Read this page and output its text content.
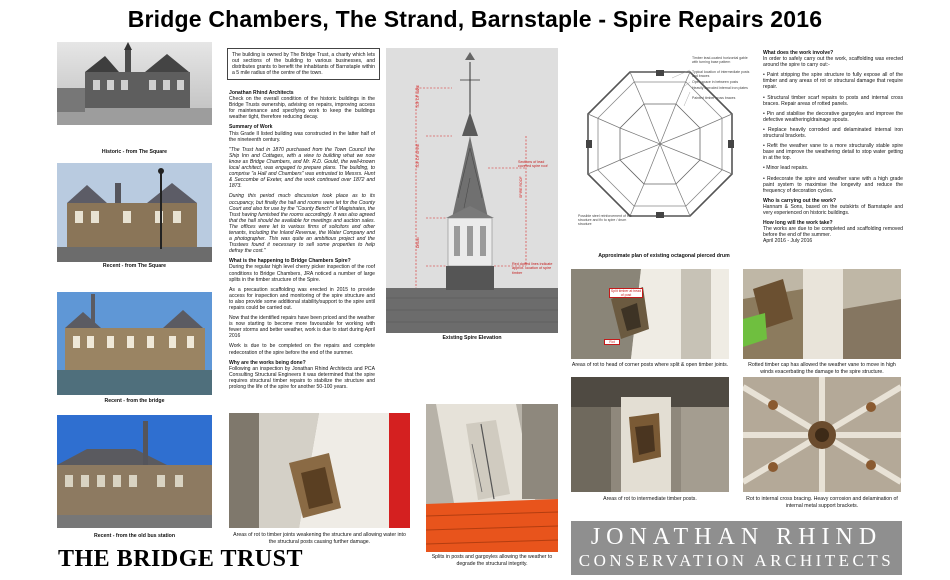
Bridge Chambers, The Strand, Barnstaple - Spire Repairs 2016
Historic - from The Square
Recent - from The Square
Recent - from the bridge
Recent - from the old bus station
THE BRIDGE TRUST
The building is owned by The Bridge Trust, a charity which lets out sections of the building to various businesses, and distributes grants to benefit the inhabitants of Barnstaple within a 5 mile radius of the centre of the town.
Jonathan Rhind Architects

Check on the overall condition of the historic buildings in the Bridge Trusts ownership, advising on repairs, improving access for maintenance and specifying work to keep the buildings weather tight, therefore reducing decay.

Summary of Work

This Grade II listed building was constructed in the latter half of the nineteenth century.

"The Trust had in 1870 purchased from the Town Council the Ship Inn and Cottages, with a view to building what we now know as Bridge Chambers, and Mr. R.D. Gould, the well-known local architect, was engaged to prepare plans. The building, to comprise "a Hall and Chambers" was entrusted to Messrs. Hunt & Seccombe of Exeter, and the work continued over 1872 and 1873.

During this period much discussion took place as to its occupancy, but finally the hall and rooms were let for the County Court and also for use by the "County Bench" of Magistrates, the Trust having furnished the rooms accordingly. It was also agreed that the hall should be available for meetings and auction sales. The offices were let to various firms of solicitors and other tenants, including the Inland Revenue, the Water Company and a photographer. This was quite an ambitious project and the Trustees found it necessary to sell some properties to help defray the cost."

What is the happening to Bridge Chambers Spire?

During the regular high level cherry picker inspection of the roof conditions to Bridge Chambers, JRA noticed a number of large splits in the timber structure of the Spire.

As a precaution scaffolding was erected in 2015 to provide access for inspection and monitoring of the spire structure and to also provide some additional stability/support to the spire until repairs could be carried out.

Now that the identified repairs have been priced and the weather is now starting to become more favourable for working with fewer storms and better weather, work is due to start during April 2016

Work is due to be completed on the repairs and complete redecoration of the spire before the end of the summer.

Why are the works being done?

Following an inspection by Jonathan Rhind Architects and PCA Consulting Structural Engineers it was determined that the spire requires structural timber repairs to stabilize the structure and prolong the life of the spire for another 50-100 years.

TOP OF VANE
TOP OF SPIRE
DRUM
SPIRE ROOF
Red dotted lines indicate approx. location of spire timber
Sections of lead covered spire roof
Existing Spire Elevation
Timber lead-coated horizontal gable with turning base pattern
Typical location of intermediate posts and braces
Open space in between posts
Heavily corroded internal iron plates
Painted timber cross braces
Possible steel reinforcement of the structure and fix to spire / drum structure
Approximate plan of existing octagonal pierced drum
What does the work involve?

In order to safely carry out the work, scaffolding was erected around the spire to carry out:-

• Paint stripping the spire structure to fully expose all of the timber and any areas of rot or structural damage that require repair.

• Structural timber scarf repairs to posts and internal cross braces. Repair areas of rotted panels.

• Pin and stabilise the decorative gargoyles and improve the defective weathering/drainage spouts.

• Replace heavily corroded and delaminated internal iron structural brackets.

• Refit the weather vane to a more structurally stable spire base and improve the weathering detail to stop water getting in at the top.

• Minor lead repairs.

• Redecorate the spire and weather vane with a high grade paint system to maximise the longevity and reduce the frequency of decoration cycles.

Who is carrying out the work?

Hannam & Sons, based on the outskirts of Barnstaple and very experienced on historic buildings.

How long will the work take?

The works are due to be completed and scaffolding removed before the end of the summer.

April 2016 - July 2016

Split timber at head of post
Rot
Areas of rot to head of corner posts where split & open timber joints.	Rotted timber cap has allowed the weather vane to move in high winds exacerbating the damage to the spire structure.
Areas of rot to intermediate timber posts.	Rot to internal cross bracing. Heavy corrosion and delamination of internal metal support brackets.
Areas of rot to timber joints weakening the structure and allowing water into the structural posts causing further damage.
Splits in posts and gargoyles allowing the weather to degrade the structural integrity.
JONATHAN RHIND
CONSERVATION ARCHITECTS
